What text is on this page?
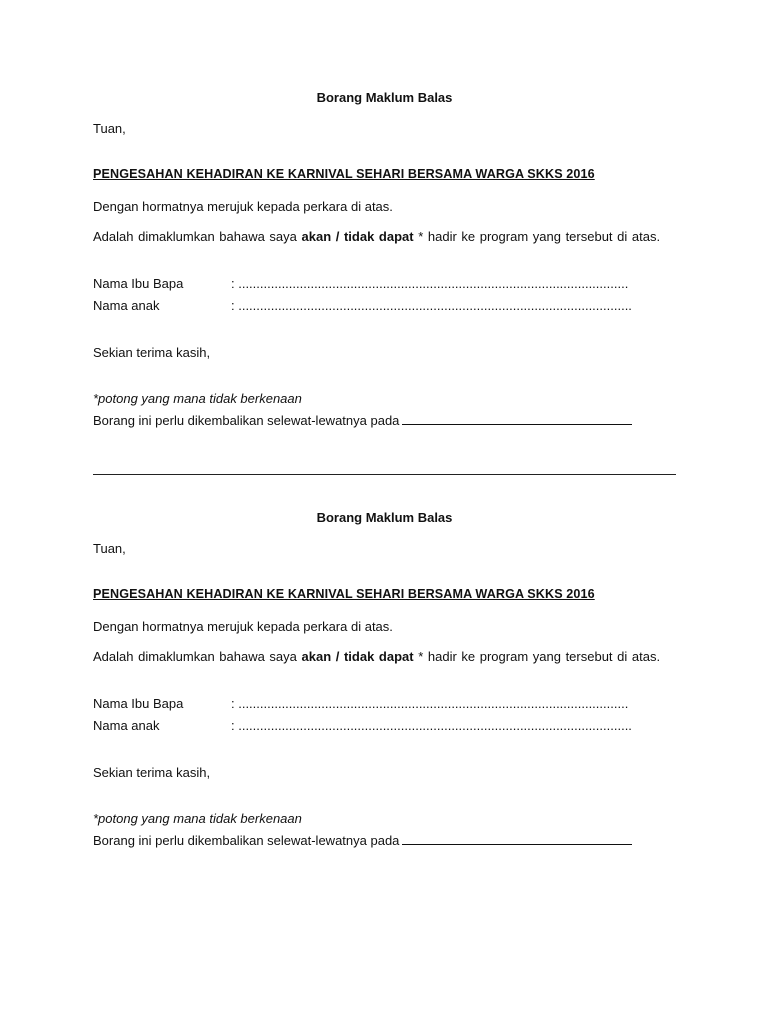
Borang Maklum Balas
Tuan,
PENGESAHAN KEHADIRAN KE KARNIVAL SEHARI BERSAMA WARGA SKKS 2016
Dengan hormatnya merujuk kepada perkara di atas.
Adalah dimaklumkan bahawa saya akan / tidak dapat * hadir ke program yang tersebut di atas.
Nama Ibu Bapa	: ............................................................................................................
Nama anak	: .............................................................................................................
Sekian terima kasih,
*potong yang mana tidak berkenaan
Borang ini perlu dikembalikan selewat-lewatnya pada
Borang Maklum Balas
Tuan,
PENGESAHAN KEHADIRAN KE KARNIVAL SEHARI BERSAMA WARGA SKKS 2016
Dengan hormatnya merujuk kepada perkara di atas.
Adalah dimaklumkan bahawa saya akan / tidak dapat * hadir ke program yang tersebut di atas.
Nama Ibu Bapa	: ............................................................................................................
Nama anak	: .............................................................................................................
Sekian terima kasih,
*potong yang mana tidak berkenaan
Borang ini perlu dikembalikan selewat-lewatnya pada
